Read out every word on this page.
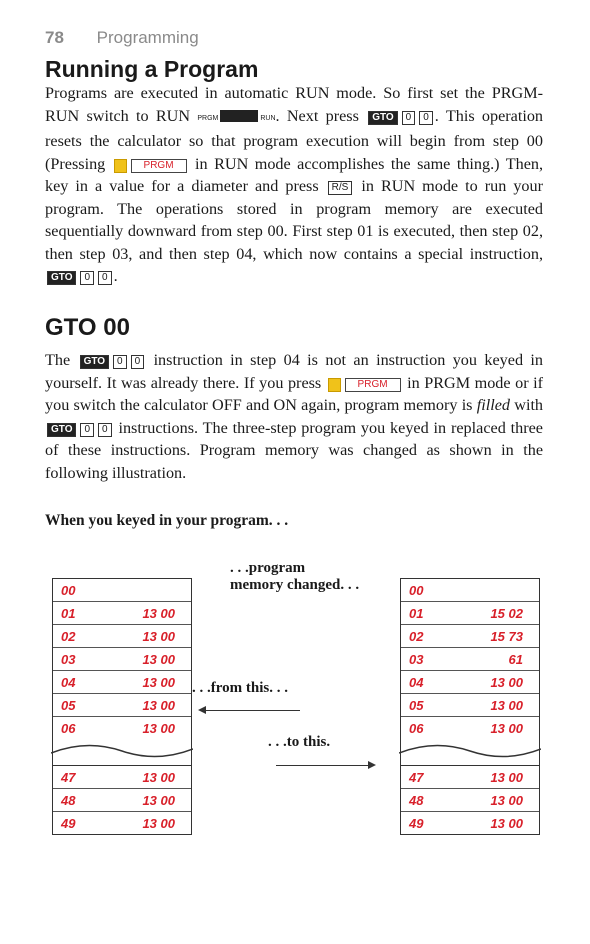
78 Programming
Running a Program
Programs are executed in automatic RUN mode. So first set the PRGM-RUN switch to RUN PRGM	RUN. Next press GTO 0 0 . This operation resets the calculator so that program execution will begin from step 00 (Pressing f PRGM in RUN mode accomplishes the same thing.) Then, key in a value for a diameter and press R/S in RUN mode to run your program. The operations stored in program memory are executed sequentially downward from step 00. First step 01 is executed, then step 02, then step 03, and then step 04, which now contains a special instruction, GTO 0 0 .
GTO 00
The GTO 0 0 instruction in step 04 is not an instruction you keyed in yourself. It was already there. If you press f PRGM in PRGM mode or if you switch the calculator OFF and ON again, program memory is filled with GTO 0 0 instructions. The three-step program you keyed in replaced three of these instructions. Program memory was changed as shown in the following illustration.
When you keyed in your program. . .
00
01	13 00
02	13 00
03	13 00
04	13 00
05	13 00
06	13 00
47	13 00
48	13 00
49	13 00
00
01	15 02
02	15 73
03	61
04	13 00
05	13 00
06	13 00
47	13 00
48	13 00
49	13 00
. . .program memory changed. . .
. . .from this. . .
. . .to this.
